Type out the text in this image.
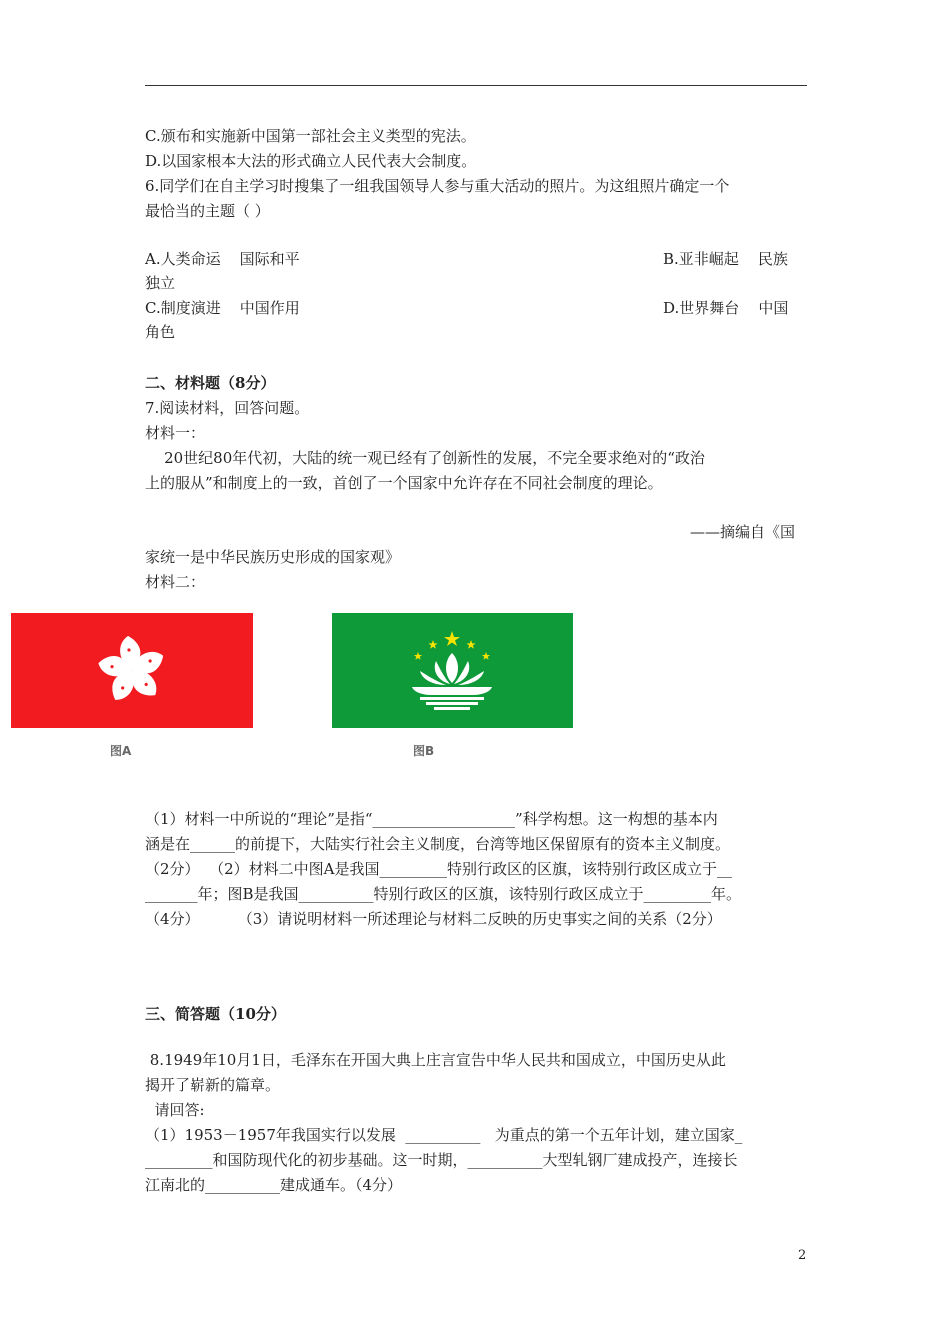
C.颁布和实施新中国第一部社会主义类型的宪法。
D.以国家根本大法的形式确立人民代表大会制度。
6.同学们在自主学习时搜集了一组我国领导人参与重大活动的照片。为这组照片确定一个
最恰当的主题（ ）
A.人类命运    国际和平	B.亚非崛起    民族
独立
C.制度演进    中国作用	D.世界舞台    中国
角色
二、材料题（8分）
7.阅读材料，回答问题。
材料一：
20世纪80年代初，大陆的统一观已经有了创新性的发展，不完全要求绝对的“政治
上的服从”和制度上的一致，首创了一个国家中允许存在不同社会制度的理论。
——摘编自《国
家统一是中华民族历史形成的国家观》
材料二：
图A	图B
（1）材料一中所说的“理论”是指“___________________”科学构想。这一构想的基本内
涵是在______的前提下，大陆实行社会主义制度，台湾等地区保留原有的资本主义制度。
（2分）  （2）材料二中图A是我国_________特别行政区的区旗，该特别行政区成立于__
_______年；图B是我国__________特别行政区的区旗，该特别行政区成立于_________年。
（4分）        （3）请说明材料一所述理论与材料二反映的历史事实之间的关系（2分）
三、简答题（10分）
8.1949年10月1日，毛泽东在开国大典上庄言宣告中华人民共和国成立，中国历史从此
揭开了崭新的篇章。
请回答:
（1）1953－1957年我国实行以发展  __________   为重点的第一个五年计划，建立国家_
_________和国防现代化的初步基础。这一时期，__________大型轧钢厂建成投产，连接长
江南北的__________建成通车。（4分）
2
